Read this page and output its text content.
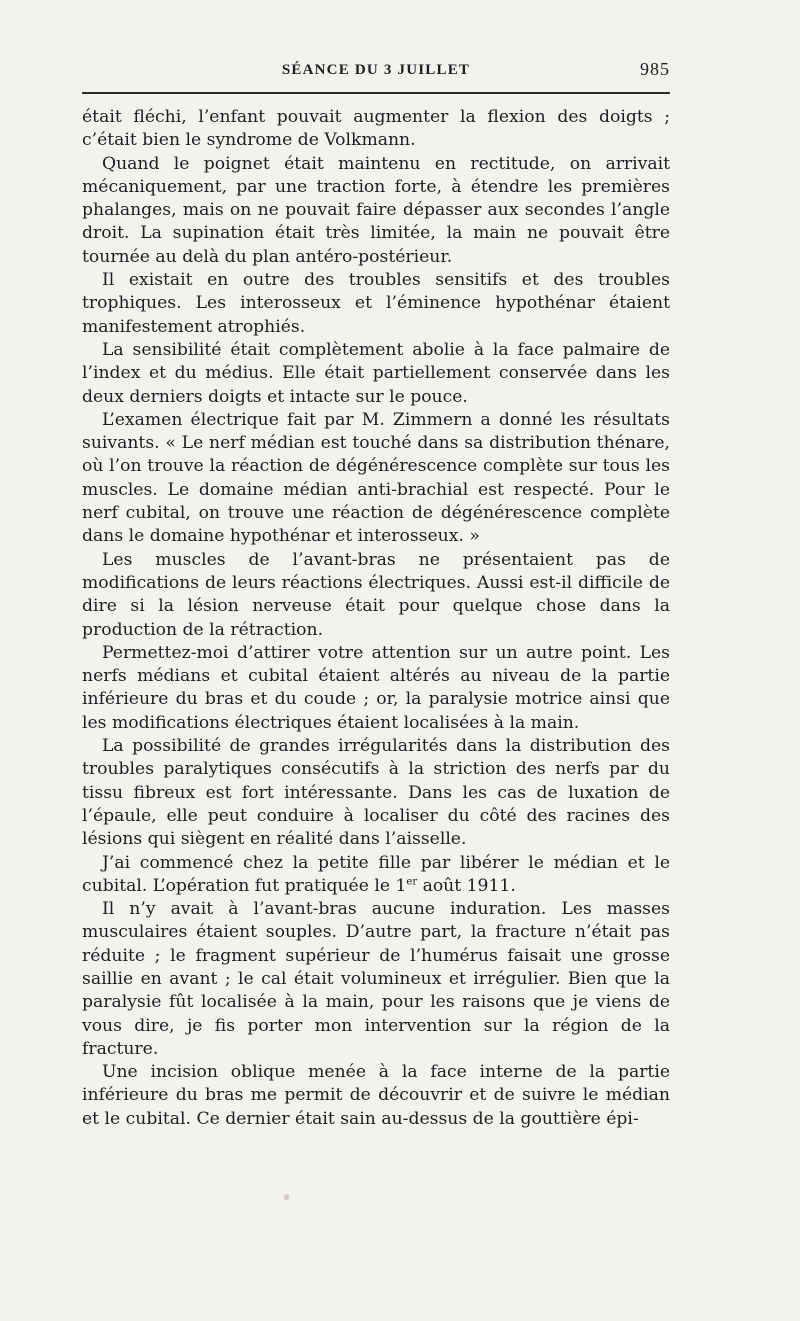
SÉANCE DU 3 JUILLET	985

était fléchi, l’enfant pouvait augmenter la flexion des doigts ; c’était bien le syndrome de Volkmann.

Quand le poignet était maintenu en rectitude, on arrivait mécaniquement, par une traction forte, à étendre les premières phalanges, mais on ne pouvait faire dépasser aux secondes l’angle droit. La supination était très limitée, la main ne pouvait être tournée au delà du plan antéro-postérieur.

Il existait en outre des troubles sensitifs et des troubles trophiques. Les interosseux et l’éminence hypothénar étaient manifestement atrophiés.

La sensibilité était complètement abolie à la face palmaire de l’index et du médius. Elle était partiellement conservée dans les deux derniers doigts et intacte sur le pouce.

L’examen électrique fait par M. Zimmern a donné les résultats suivants. « Le nerf médian est touché dans sa distribution thénare, où l’on trouve la réaction de dégénérescence complète sur tous les muscles. Le domaine médian anti-brachial est respecté. Pour le nerf cubital, on trouve une réaction de dégénérescence complète dans le domaine hypothénar et interosseux. »

Les muscles de l’avant-bras ne présentaient pas de modifications de leurs réactions électriques. Aussi est-il difficile de dire si la lésion nerveuse était pour quelque chose dans la production de la rétraction.

Permettez-moi d’attirer votre attention sur un autre point. Les nerfs médians et cubital étaient altérés au niveau de la partie inférieure du bras et du coude ; or, la paralysie motrice ainsi que les modifications électriques étaient localisées à la main.

La possibilité de grandes irrégularités dans la distribution des troubles paralytiques consécutifs à la striction des nerfs par du tissu fibreux est fort intéressante. Dans les cas de luxation de l’épaule, elle peut conduire à localiser du côté des racines des lésions qui siègent en réalité dans l’aisselle.

J’ai commencé chez la petite fille par libérer le médian et le cubital. L’opération fut pratiquée le 1er août 1911.

Il n’y avait à l’avant-bras aucune induration. Les masses musculaires étaient souples. D’autre part, la fracture n’était pas réduite ; le fragment supérieur de l’humérus faisait une grosse saillie en avant ; le cal était volumineux et irrégulier. Bien que la paralysie fût localisée à la main, pour les raisons que je viens de vous dire, je fis porter mon intervention sur la région de la fracture.

Une incision oblique menée à la face interne de la partie inférieure du bras me permit de découvrir et de suivre le médian et le cubital. Ce dernier était sain au-dessus de la gouttière épi-
